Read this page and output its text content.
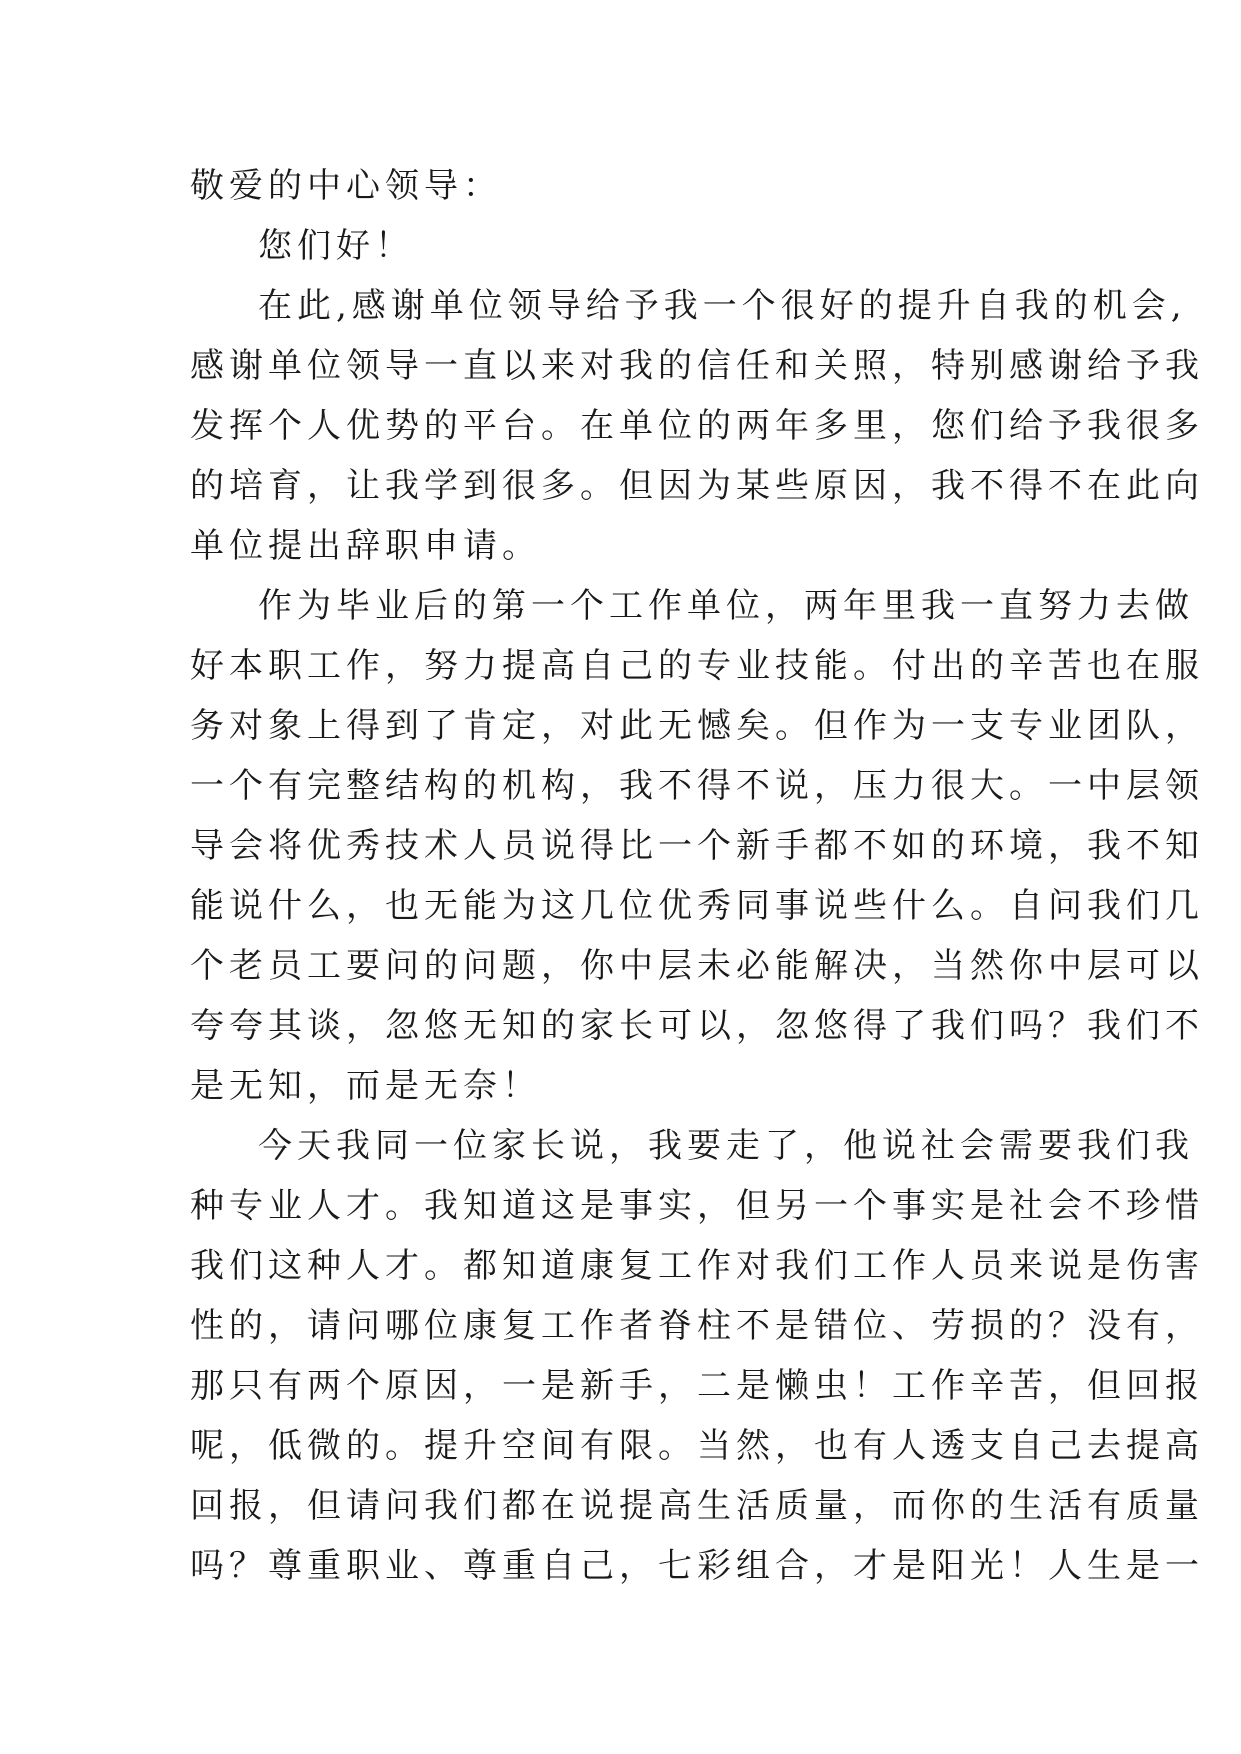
敬爱的中心领导：
您们好！
在此,感谢单位领导给予我一个很好的提升自我的机会,
感谢单位领导一直以来对我的信任和关照，特别感谢给予我
发挥个人优势的平台。在单位的两年多里，您们给予我很多
的培育，让我学到很多。但因为某些原因，我不得不在此向
单位提出辞职申请。
作为毕业后的第一个工作单位，两年里我一直努力去做
好本职工作，努力提高自己的专业技能。付出的辛苦也在服
务对象上得到了肯定，对此无憾矣。但作为一支专业团队，
一个有完整结构的机构，我不得不说，压力很大。一中层领
导会将优秀技术人员说得比一个新手都不如的环境，我不知
能说什么，也无能为这几位优秀同事说些什么。自问我们几
个老员工要问的问题，你中层未必能解决，当然你中层可以
夸夸其谈，忽悠无知的家长可以，忽悠得了我们吗？我们不
是无知，而是无奈！
今天我同一位家长说，我要走了，他说社会需要我们我
种专业人才。我知道这是事实，但另一个事实是社会不珍惜
我们这种人才。都知道康复工作对我们工作人员来说是伤害
性的，请问哪位康复工作者脊柱不是错位、劳损的？没有，
那只有两个原因，一是新手，二是懒虫！工作辛苦，但回报
呢，低微的。提升空间有限。当然，也有人透支自己去提高
回报，但请问我们都在说提高生活质量，而你的生活有质量
吗？尊重职业、尊重自己，七彩组合，才是阳光！人生是一
